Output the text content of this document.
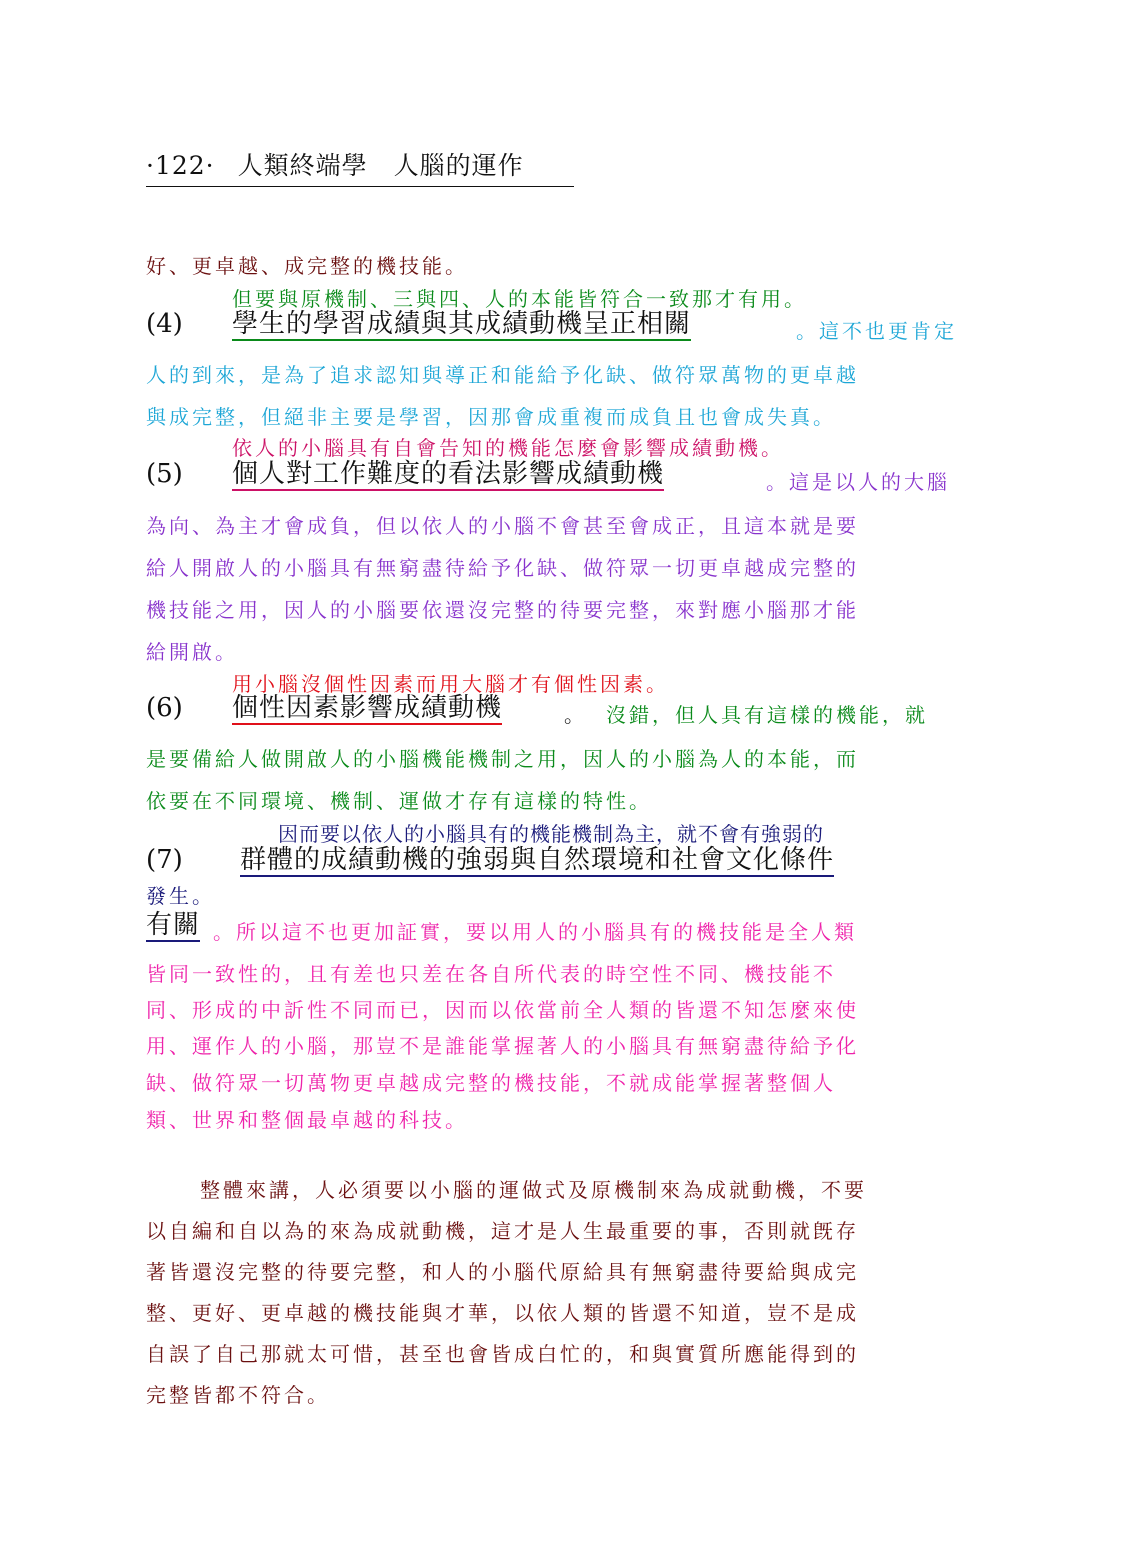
·122· 人類終端學　人腦的運作
好、更卓越、成完整的機技能。
但要與原機制、三與四、人的本能皆符合一致那才有用。
(4) 學生的學習成績與其成績動機呈正相關	。這不也更肯定
人的到來，是為了追求認知與導正和能給予化缺、做符眾萬物的更卓越
與成完整，但絕非主要是學習，因那會成重複而成負且也會成失真。
依人的小腦具有自會告知的機能怎麼會影響成績動機。
(5) 個人對工作難度的看法影響成績動機	。這是以人的大腦
為向、為主才會成負，但以依人的小腦不會甚至會成正，且這本就是要
給人開啟人的小腦具有無窮盡待給予化缺、做符眾一切更卓越成完整的
機技能之用，因人的小腦要依還沒完整的待要完整，來對應小腦那才能
給開啟。
用小腦沒個性因素而用大腦才有個性因素。
(6) 個性因素影響成績動機	。 沒錯，但人具有這樣的機能，就
是要備給人做開啟人的小腦機能機制之用，因人的小腦為人的本能，而
依要在不同環境、機制、運做才存有這樣的特性。
因而要以依人的小腦具有的機能機制為主，就不會有強弱的
(7) 群體的成績動機的強弱與自然環境和社會文化條件
發生。
有關 。所以這不也更加証實，要以用人的小腦具有的機技能是全人類
皆同一致性的，且有差也只差在各自所代表的時空性不同、機技能不
同、形成的中訢性不同而已，因而以依當前全人類的皆還不知怎麼來使
用、運作人的小腦，那豈不是誰能掌握著人的小腦具有無窮盡待給予化
缺、做符眾一切萬物更卓越成完整的機技能，不就成能掌握著整個人
類、世界和整個最卓越的科技。
整體來講，人必須要以小腦的運做式及原機制來為成就動機，不要
以自編和自以為的來為成就動機，這才是人生最重要的事，否則就旣存
著皆還沒完整的待要完整，和人的小腦代原給具有無窮盡待要給與成完
整、更好、更卓越的機技能與才華，以依人類的皆還不知道，豈不是成
自誤了自己那就太可惜，甚至也會皆成白忙的，和與實質所應能得到的
完整皆都不符合。
